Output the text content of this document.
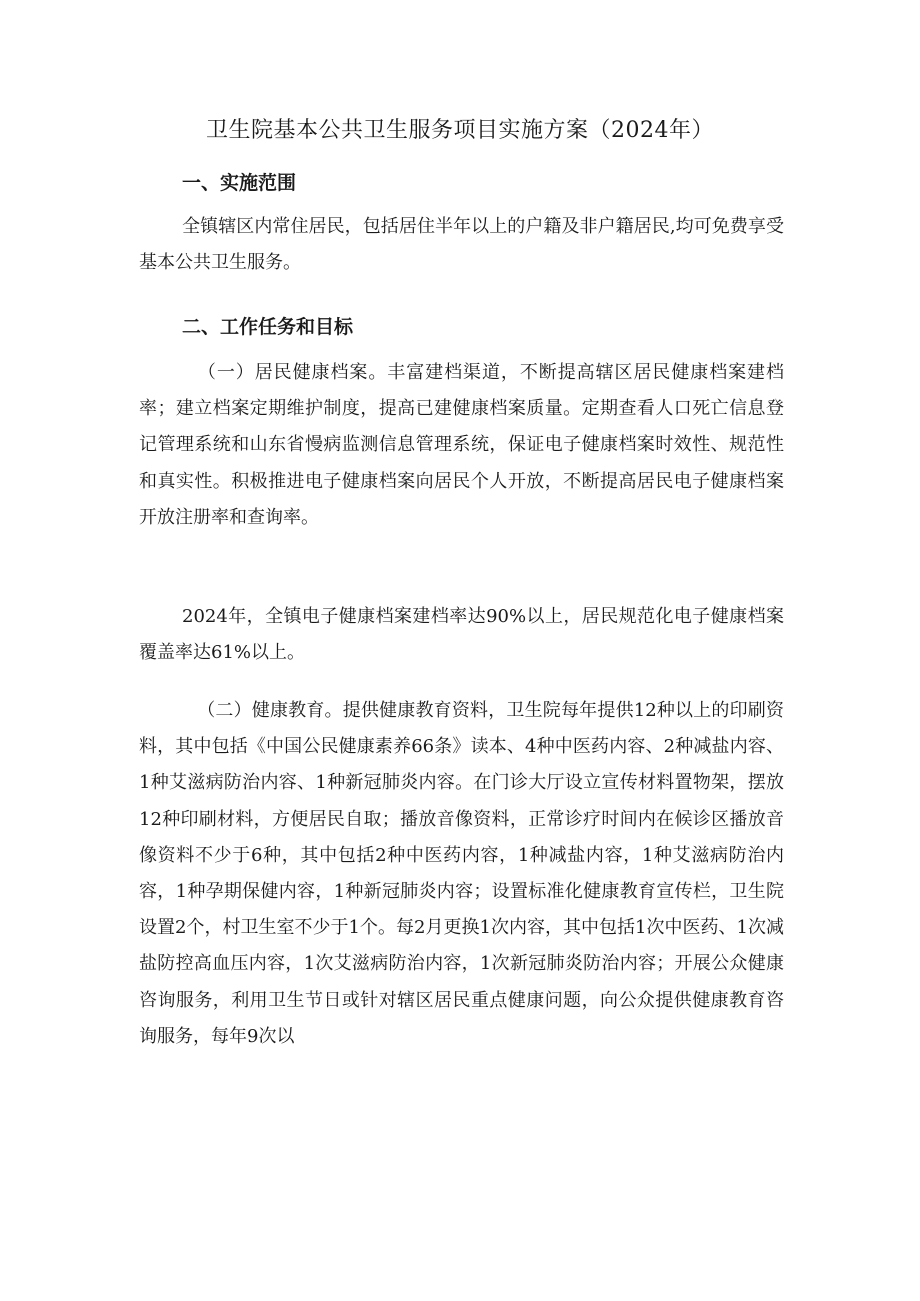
卫生院基本公共卫生服务项目实施方案（2024年）
一、实施范围
全镇辖区内常住居民，包括居住半年以上的户籍及非户籍居民,均可免费享受基本公共卫生服务。
二、工作任务和目标
（一）居民健康档案。丰富建档渠道，不断提高辖区居民健康档案建档率；建立档案定期维护制度，提高已建健康档案质量。定期查看人口死亡信息登记管理系统和山东省慢病监测信息管理系统，保证电子健康档案时效性、规范性和真实性。积极推进电子健康档案向居民个人开放，不断提高居民电子健康档案开放注册率和查询率。
2024年，全镇电子健康档案建档率达90%以上，居民规范化电子健康档案覆盖率达61%以上。
（二）健康教育。提供健康教育资料，卫生院每年提供12种以上的印刷资料，其中包括《中国公民健康素养66条》读本、4种中医药内容、2种减盐内容、1种艾滋病防治内容、1种新冠肺炎内容。在门诊大厅设立宣传材料置物架，摆放12种印刷材料，方便居民自取；播放音像资料，正常诊疗时间内在候诊区播放音像资料不少于6种，其中包括2种中医药内容，1种减盐内容，1种艾滋病防治内容，1种孕期保健内容，1种新冠肺炎内容；设置标准化健康教育宣传栏，卫生院设置2个，村卫生室不少于1个。每2月更换1次内容，其中包括1次中医药、1次减盐防控高血压内容，1次艾滋病防治内容，1次新冠肺炎防治内容；开展公众健康咨询服务，利用卫生节日或针对辖区居民重点健康问题，向公众提供健康教育咨询服务，每年9次以
